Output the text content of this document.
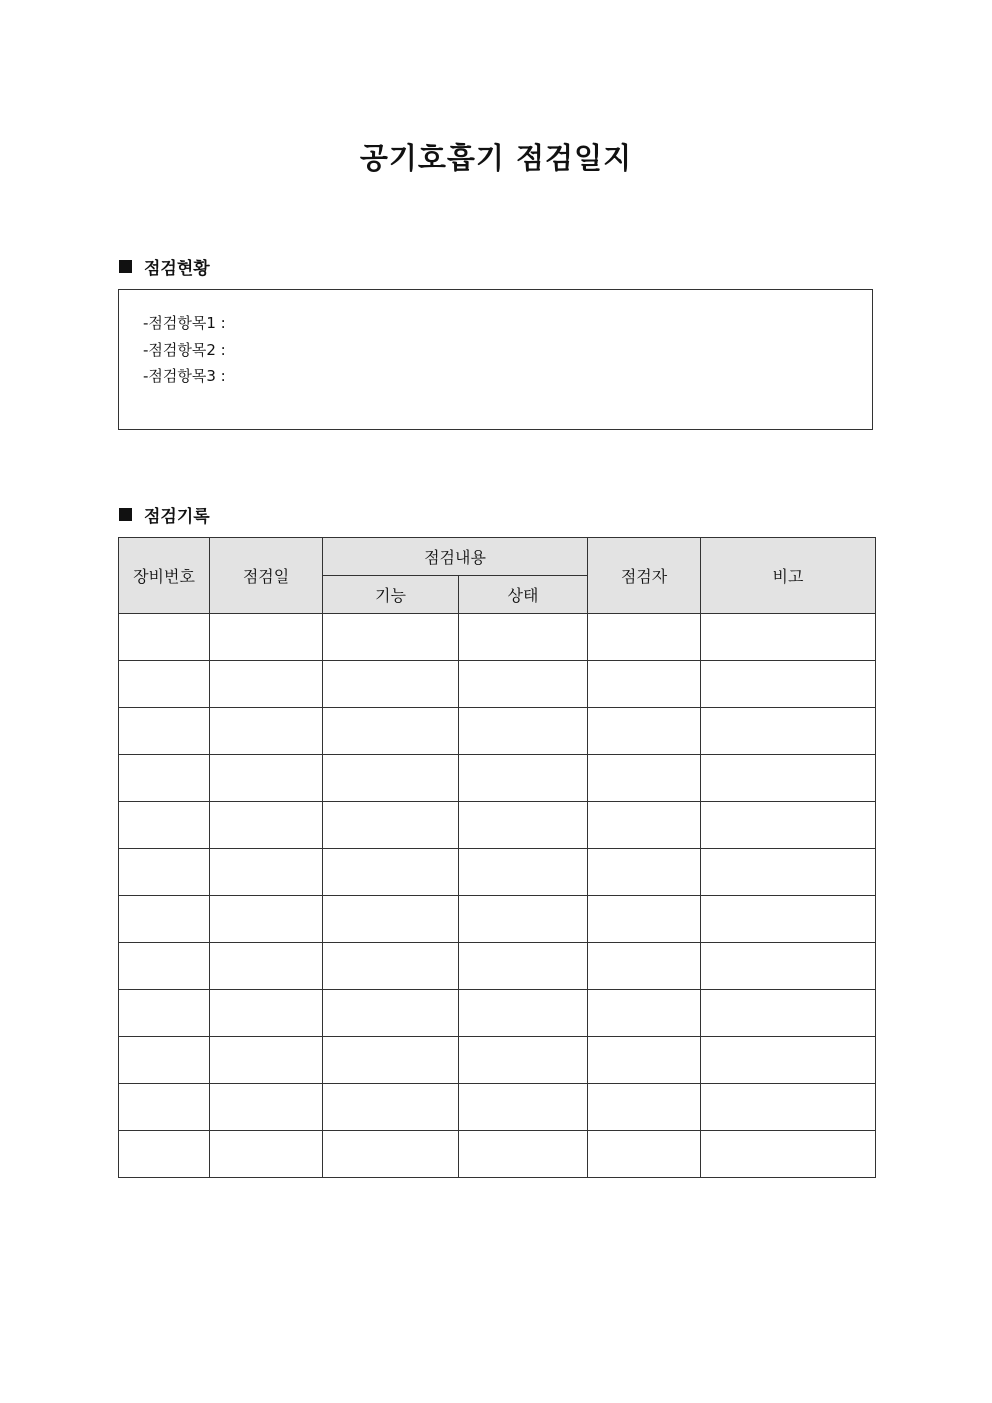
공기호흡기 점검일지
점검현황
-점검항목1 :
-점검항목2 :
-점검항목3 :
점검기록
장비번호	점검일	점검내용		점검자	비고
		기능	상태		
